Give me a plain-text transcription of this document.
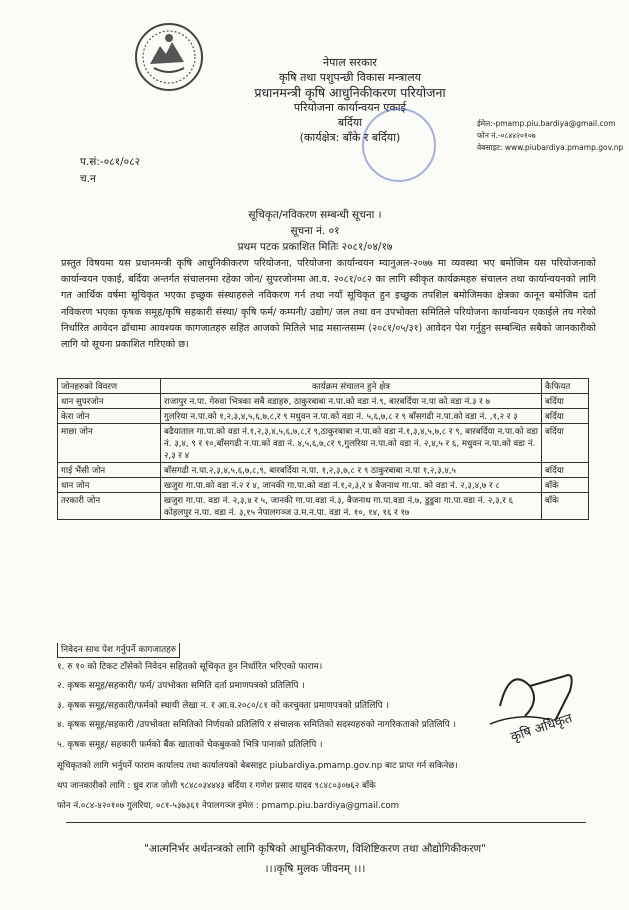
नेपाल सरकार
कृषि तथा पशुपन्छी विकास मन्त्रालय
प्रधानमन्त्री कृषि आधुनिकीकरण परियोजना
परियोजना कार्यान्वयन एकाई
बर्दिया
(कार्यक्षेत्र: बाँके र बर्दिया)
ईमेल:-pmamp.piu.bardiya@gmail.com
फोन नं.-०८४४२०१०७
वेबसाइट: www.piubardiya.pmamp.gov.np
प.सं:-०८१/०८२
च.न
सूचिकृत/नविकरण सम्बन्धी सूचना ।
सूचना नं. ०१
प्रथम पटक प्रकाशित मितिः २०८१/०४/१७
प्रस्तुत विषयमा यस प्रधानमन्त्री कृषि आधुनिकीकरण परियोजना, परियोजना कार्यान्वयन म्यानुअल-२०७७ मा व्यवस्था भए बमोजिम यस परियोजनाको कार्यान्वयन एकाई, बर्दिया अन्तर्गत संचालनमा रहेका जोन/ सुपरजोनमा आ.व. २०८१/०८२ का लागि स्वीकृत कार्यक्रमहरु संचालन तथा कार्यान्वयनको लागि गत आर्थिक वर्षमा सूचिकृत भएका इच्छुक संस्थाहरुले नविकरण गर्न तथा नयाँ सूचिकृत हुन इच्छुक तपशिल बमोजिमका क्षेत्रका कानून बमोजिम दर्ता नविकरण भएका कृषक समूह/कृषि सहकारी संस्था/ कृषि फर्म/ कम्पनी/ उद्योग/ जल तथा वन उपभोक्ता समितिले परियोजना कार्यान्वयन एकाईले तय गरेको निर्धारित आवेदन ढाँचामा आवश्यक कागजातहरु सहित आजको मितिले भाद्र मसान्तसम्म (२०८१/०५/३१) आवेदन पेश गर्नुहुन सम्बन्धित सबैको जानकारीको लागि यो सूचना प्रकाशित गरिएको छ।
जोनहरुको विवरण	कार्यक्रम संचालन हुने क्षेत्र	कैफियत
धान सुपरजोन	राजापुर न.पा. गेरुवा भित्रका सबै वडाहरु, ठाकुरबाबा न.पा.को वडा नं.९, बारबर्दिया न.पा को वडा नं.३ र ७	बर्दिया
केरा जोन	गुलरिया न.पा.को १,२,३,४,५,६,७,८,र ९ मधुवन न.पा.को वडा नं. ५,६,७,८ र ९ बाँसगढी न.पा.को वडा नं. ,१,२ र ३	बर्दिया
माछा जोन	बढैयाताल गा.पा.को वडा नं.१,२,३,४,५,६,७,८,र ९,ठाकुरबाबा न.पा.को वडा नं.१,३,४,५,७,८ र ९, बारबर्दिया न.पा.को वडा नं. ३,४, ९ र १०,बाँसगढी न.पा.को वडा नं. ४,५,६,७,८र ९,गुलरिया न.पा.को वडा नं. २,४,५ र ६, मधुवन न.पा.को वडा नं. २,३ र ४	बर्दिया
गाई भैंसी जोन	बाँसगढी न.पा.२,३,४,५,६,७,८,९, बारबर्दिया न.पा. १,२,३,७,८ र ९ ठाकुरबाबा न.पा १,२,३,४,५	बर्दिया
धान जोन	खजुरा गा.पा.को वडा नं.२ र ४, जानकी गा.पा.को वडा नं.१,२,३,र ४ बैजनाथ गा.पा. को वडा नं. २,३,४,७ र ८	बाँके
तरकारी जोन	खजुरा गा.पा. वडा नं. २,३,४ र ५, जानकी गा.पा.वडा नं.३, बैजनाथ गा.पा.वडा नं.७, डुडुवा गा.पा.वडा नं. २,३,र ६ कोहलपुर न.पा. वडा नं. ३,१५ नेपालगञ्ज उ.म.न.पा. वडा नं. १०, १४, १६ र १७	बाँके
निवेदन साथ पेश गर्नुपर्ने कागजातहरु
१. रु १० को टिकट टाँसेको निवेदन सहितको सूचिकृत हुन निर्धारित भरिएको फाराम।
२. कृषक समूह/सहकारी/ फर्म/ उपभोक्ता समिति दर्ता प्रमाणपत्रको प्रतिलिपि ।
३. कृषक समूह/सहकारी/फर्मको स्थायी लेखा न. र आ.व.२०८०/८१ को करचुक्ता प्रमाणपत्रको प्रतिलिपि ।
४. कृषक समूह/सहकारी /उपभोक्ता समितिको निर्णयको प्रतिलिपि र संचालक समितिको सदस्यहरुको नागरिकताको प्रतिलिपि ।
५. कृषक समूह/ सहकारी फर्मको बैंक खाताको चेकबुकको भित्रि पानाको प्रतिलिपि ।
सूचिकृतको लागि भर्नुपर्ने फाराम कार्यालय तथा कार्यालयको बेबसाइट piubardiya.pmamp.gov.np बाट प्राप्त गर्न सकिनेछ।
थप जानकारीको लागि : ध्रुव राज जोशी ९८४८०३४४४३ बर्दिया र गणेश प्रसाद यादव ९८४८०३०७६२ बाँके
फोन नं.०८४-४२०१०७ गुलरिया, ०८१-५३७३६१ नेपालगञ्ज इमेल : pmamp.piu.bardiya@gmail.com
कृषि अधिकृत
"आत्मनिर्भर अर्थतन्त्रको लागि कृषिको आधुनिकीकरण, विशिष्टिकरण तथा औद्योगिकीकरण"
।।।कृषि मुलक जीवनम् ।।।
